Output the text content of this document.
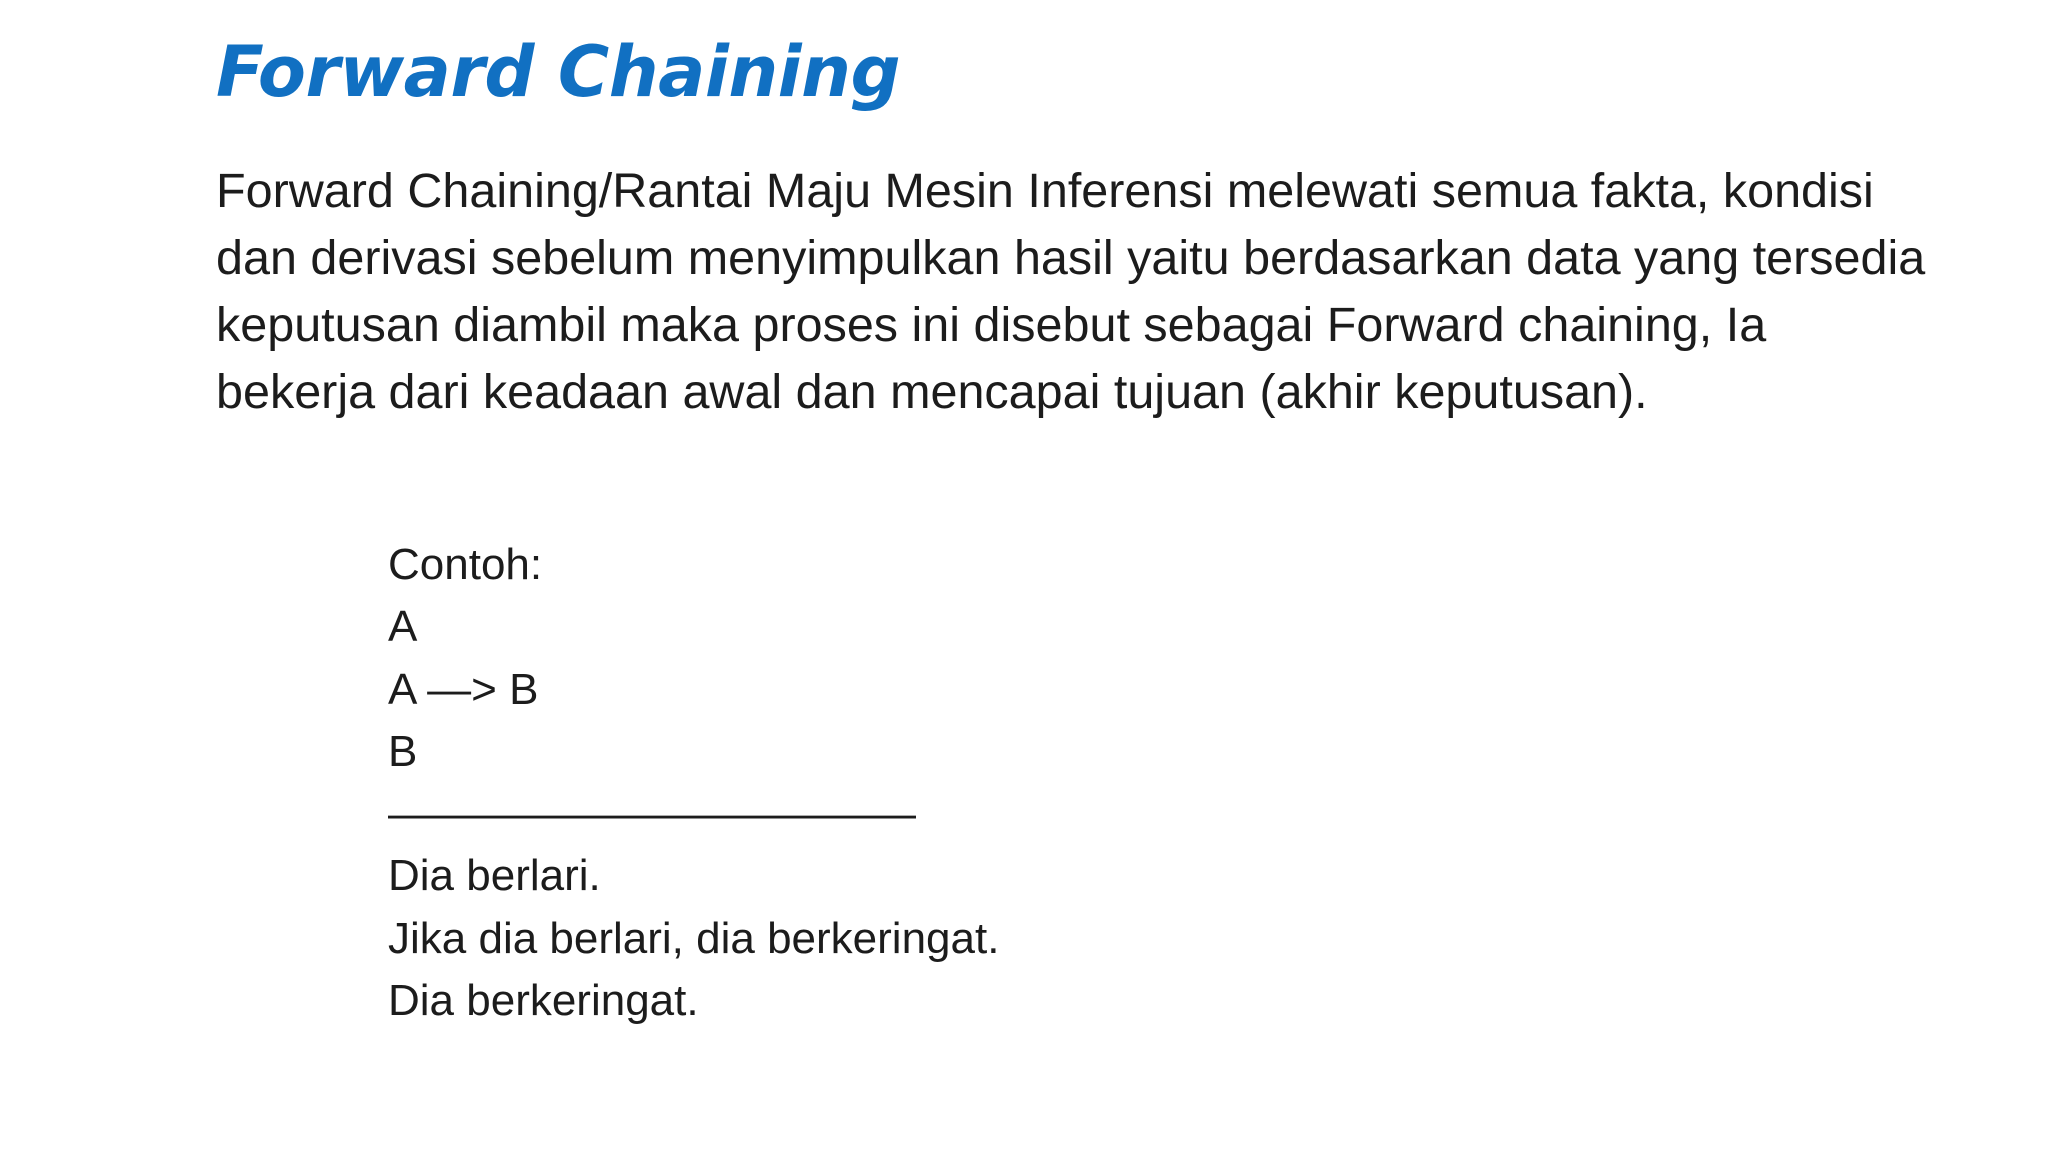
Forward Chaining

Forward Chaining/Rantai Maju Mesin Inferensi melewati semua fakta, kondisi dan derivasi sebelum menyimpulkan hasil yaitu berdasarkan data yang tersedia keputusan diambil maka proses ini disebut sebagai Forward chaining, Ia bekerja dari keadaan awal dan mencapai tujuan (akhir keputusan).

Contoh:
A
A —> B
B
————————————
Dia berlari.
Jika dia berlari, dia berkeringat.
Dia berkeringat.
